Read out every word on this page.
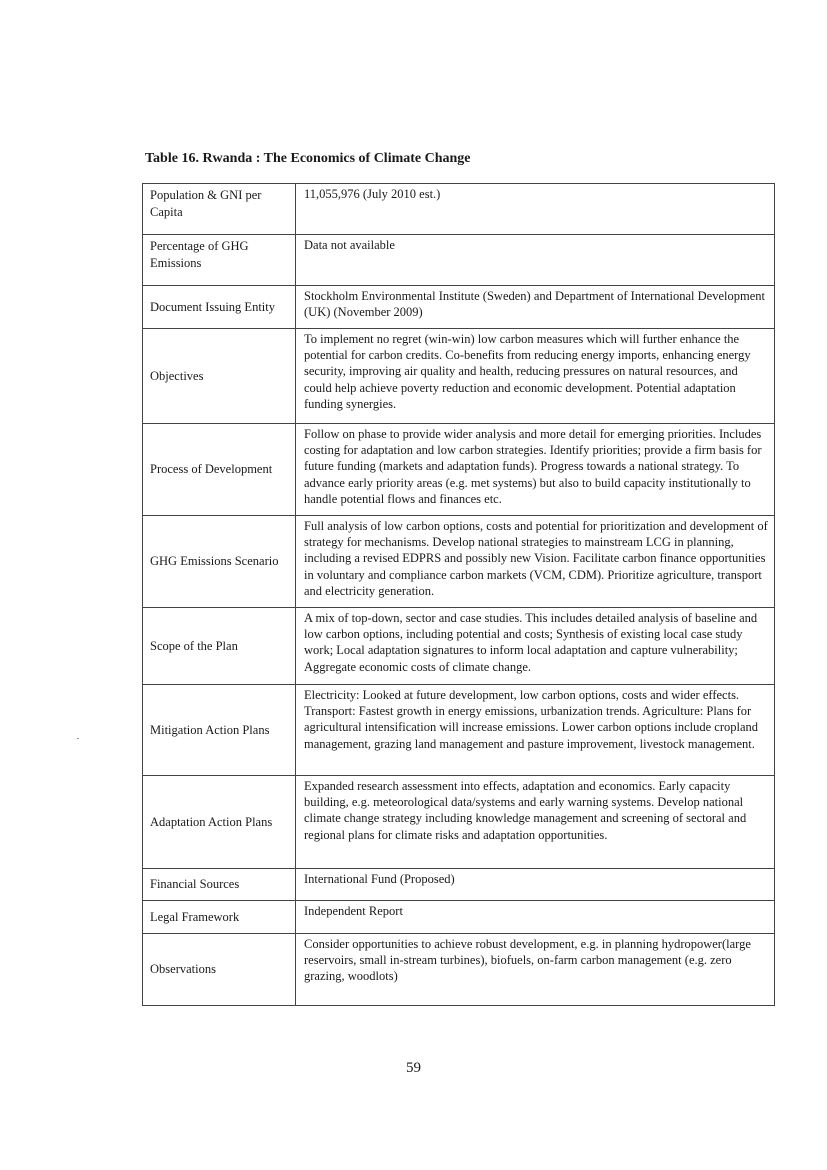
Table 16. Rwanda : The Economics of Climate Change
Population & GNI per Capita
11,055,976 (July 2010 est.)
Percentage of GHG Emissions
Data not available
Document Issuing Entity
Stockholm Environmental Institute (Sweden) and Department of International Development (UK) (November 2009)
Objectives
To implement no regret (win-win) low carbon measures which will further enhance the potential for carbon credits. Co-benefits from reducing energy imports, enhancing energy security, improving air quality and health, reducing pressures on natural resources, and could help achieve poverty reduction and economic development. Potential adaptation funding synergies.
Process of Development
Follow on phase to provide wider analysis and more detail for emerging priorities. Includes costing for adaptation and low carbon strategies. Identify priorities; provide a firm basis for future funding (markets and adaptation funds). Progress towards a national strategy. To advance early priority areas (e.g. met systems) but also to build capacity institutionally to handle potential flows and finances etc.
GHG Emissions Scenario
Full analysis of low carbon options, costs and potential for prioritization and development of strategy for mechanisms. Develop national strategies to mainstream LCG in planning, including a revised EDPRS and possibly new Vision. Facilitate carbon finance opportunities in voluntary and compliance carbon markets (VCM, CDM). Prioritize agriculture, transport and electricity generation.
Scope of the Plan
A mix of top-down, sector and case studies. This includes detailed analysis of baseline and low carbon options, including potential and costs; Synthesis of existing local case study work; Local adaptation signatures to inform local adaptation and capture vulnerability; Aggregate economic costs of climate change.
Mitigation Action Plans
Electricity: Looked at future development, low carbon options, costs and wider effects. Transport: Fastest growth in energy emissions, urbanization trends. Agriculture: Plans for agricultural intensification will increase emissions. Lower carbon options include cropland management, grazing land management and pasture improvement, livestock management.
Adaptation Action Plans
Expanded research assessment into effects, adaptation and economics. Early capacity building, e.g. meteorological data/systems and early warning systems. Develop national climate change strategy including knowledge management and screening of sectoral and regional plans for climate risks and adaptation opportunities.
Financial Sources	International Fund (Proposed)
Legal Framework	Independent Report
Observations
Consider opportunities to achieve robust development, e.g. in planning hydropower(large reservoirs, small in-stream turbines), biofuels, on-farm carbon management (e.g. zero grazing, woodlots)
59
